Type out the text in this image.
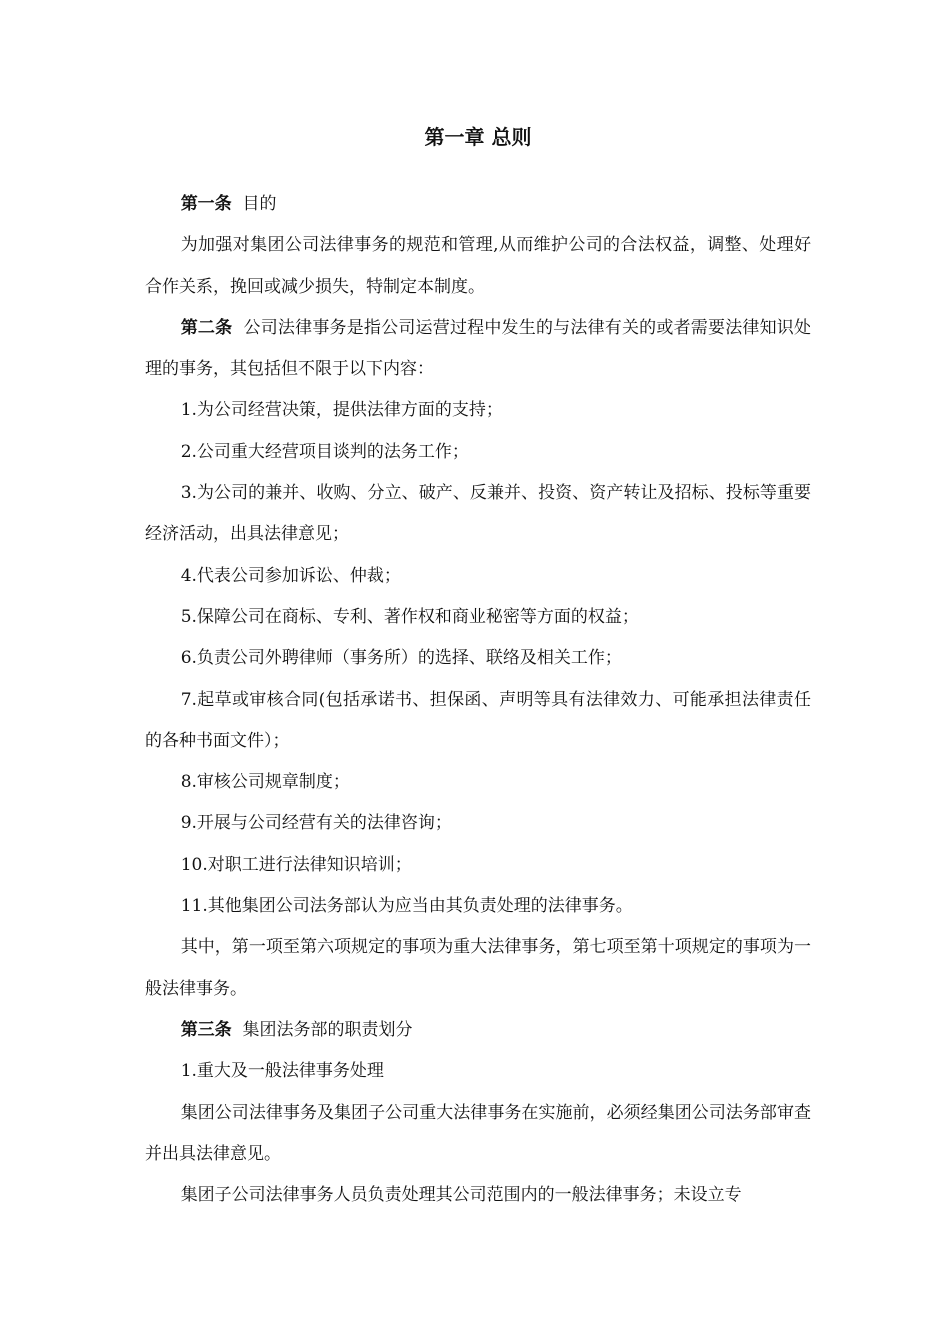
第一章 总则

第一条 目的

为加强对集团公司法律事务的规范和管理,从而维护公司的合法权益，调整、处理好合作关系，挽回或减少损失，特制定本制度。

第二条 公司法律事务是指公司运营过程中发生的与法律有关的或者需要法律知识处理的事务，其包括但不限于以下内容：

1.为公司经营决策，提供法律方面的支持；

2.公司重大经营项目谈判的法务工作；

3.为公司的兼并、收购、分立、破产、反兼并、投资、资产转让及招标、投标等重要经济活动，出具法律意见；

4.代表公司参加诉讼、仲裁；

5.保障公司在商标、专利、著作权和商业秘密等方面的权益；

6.负责公司外聘律师（事务所）的选择、联络及相关工作；

7.起草或审核合同(包括承诺书、担保函、声明等具有法律效力、可能承担法律责任的各种书面文件）；

8.审核公司规章制度；

9.开展与公司经营有关的法律咨询；

10.对职工进行法律知识培训；

11.其他集团公司法务部认为应当由其负责处理的法律事务。

其中，第一项至第六项规定的事项为重大法律事务，第七项至第十项规定的事项为一般法律事务。

第三条 集团法务部的职责划分

1.重大及一般法律事务处理

集团公司法律事务及集团子公司重大法律事务在实施前，必须经集团公司法务部审查并出具法律意见。

集团子公司法律事务人员负责处理其公司范围内的一般法律事务；未设立专
